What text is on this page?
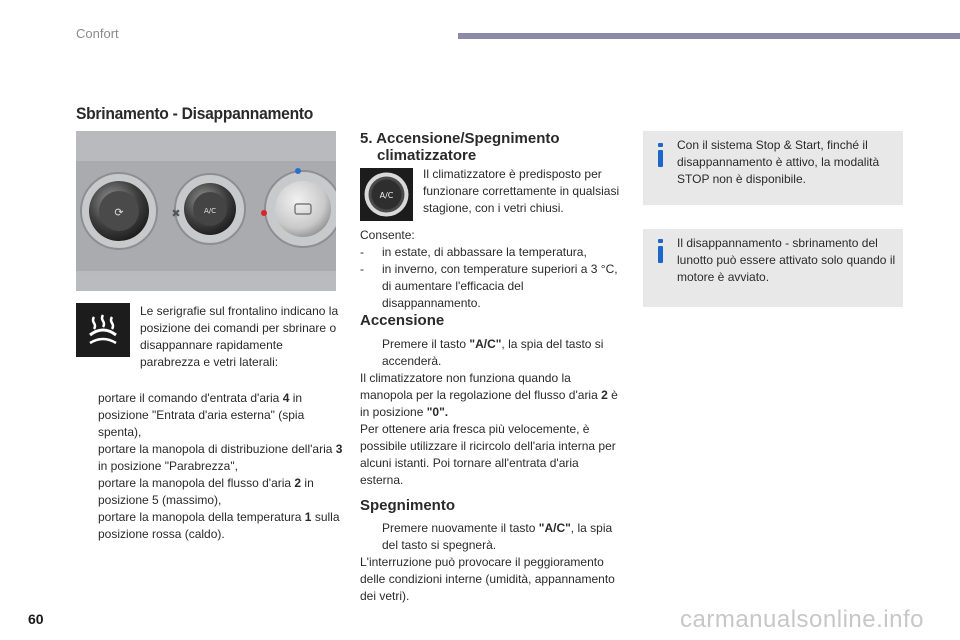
Confort
Sbrinamento - Disappannamento
⟳	A/C
✖
Le serigrafie sul frontalino indicano la posizione dei comandi per sbrinare o disappannare rapidamente parabrezza e vetri laterali:
portare il comando d'entrata d'aria 4 in posizione "Entrata d'aria esterna" (spia spenta),
portare la manopola di distribuzione dell'aria 3 in posizione "Parabrezza",
portare la manopola del flusso d'aria 2 in posizione 5 (massimo),
portare la manopola della temperatura 1 sulla posizione rossa (caldo).
5. Accensione/Spegnimento
climatizzatore
A/C
Il climatizzatore è predisposto per funzionare correttamente in qualsiasi stagione, con i vetri chiusi.
Consente:
- in estate, di abbassare la temperatura,
- in inverno, con temperature superiori a 3 °C, di aumentare l'efficacia del disappannamento.
Accensione
Premere il tasto "A/C", la spia del tasto si accenderà.
Il climatizzatore non funziona quando la manopola per la regolazione del flusso d'aria 2 è in posizione "0".
Per ottenere aria fresca più velocemente, è possibile utilizzare il ricircolo dell'aria interna per alcuni istanti. Poi tornare all'entrata d'aria esterna.
Spegnimento
Premere nuovamente il tasto "A/C", la spia del tasto si spegnerà.
L'interruzione può provocare il peggioramento delle condizioni interne (umidità, appannamento dei vetri).
Con il sistema Stop & Start, finché il disappannamento è attivo, la modalità STOP non è disponibile.
Il disappannamento - sbrinamento del lunotto può essere attivato solo quando il motore è avviato.
60	carmanualsonline.info
